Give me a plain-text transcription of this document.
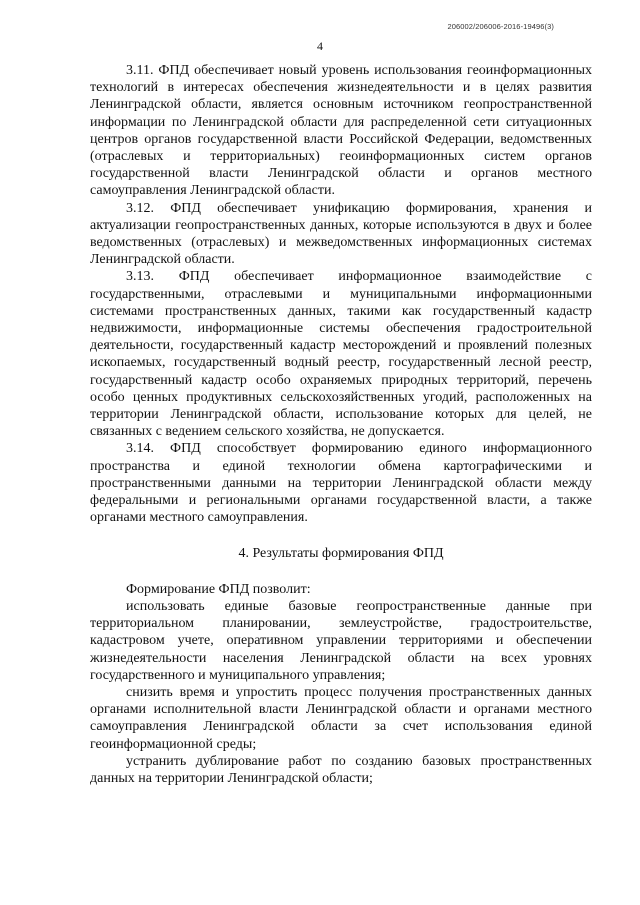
206002/206006-2016-19496(3)
4

3.11. ФПД обеспечивает новый уровень использования геоинформационных технологий в интересах обеспечения жизнедеятельности и в целях развития Ленинградской области, является основным источником геопространственной информации по Ленинградской области для распределенной сети ситуационных центров органов государственной власти Российской Федерации, ведомственных (отраслевых и территориальных) геоинформационных систем органов государственной власти Ленинградской области и органов местного самоуправления Ленинградской области.

3.12. ФПД обеспечивает унификацию формирования, хранения и актуализации геопространственных данных, которые используются в двух и более ведомственных (отраслевых) и межведомственных информационных системах Ленинградской области.

3.13. ФПД обеспечивает информационное взаимодействие с государственными, отраслевыми и муниципальными информационными системами пространственных данных, такими как государственный кадастр недвижимости, информационные системы обеспечения градостроительной деятельности, государственный кадастр месторождений и проявлений полезных ископаемых, государственный водный реестр, государственный лесной реестр, государственный кадастр особо охраняемых природных территорий, перечень особо ценных продуктивных сельскохозяйственных угодий, расположенных на территории Ленинградской области, использование которых для целей, не связанных с ведением сельского хозяйства, не допускается.

3.14. ФПД способствует формированию единого информационного пространства и единой технологии обмена картографическими и пространственными данными на территории Ленинградской области между федеральными и региональными органами государственной власти, а также органами местного самоуправления.

4. Результаты формирования ФПД

Формирование ФПД позволит:

использовать единые базовые геопространственные данные при территориальном планировании, землеустройстве, градостроительстве, кадастровом учете, оперативном управлении территориями и обеспечении жизнедеятельности населения Ленинградской области на всех уровнях государственного и муниципального управления;

снизить время и упростить процесс получения пространственных данных органами исполнительной власти Ленинградской области и органами местного самоуправления Ленинградской области за счет использования единой геоинформационной среды;

устранить дублирование работ по созданию базовых пространственных данных на территории Ленинградской области;
